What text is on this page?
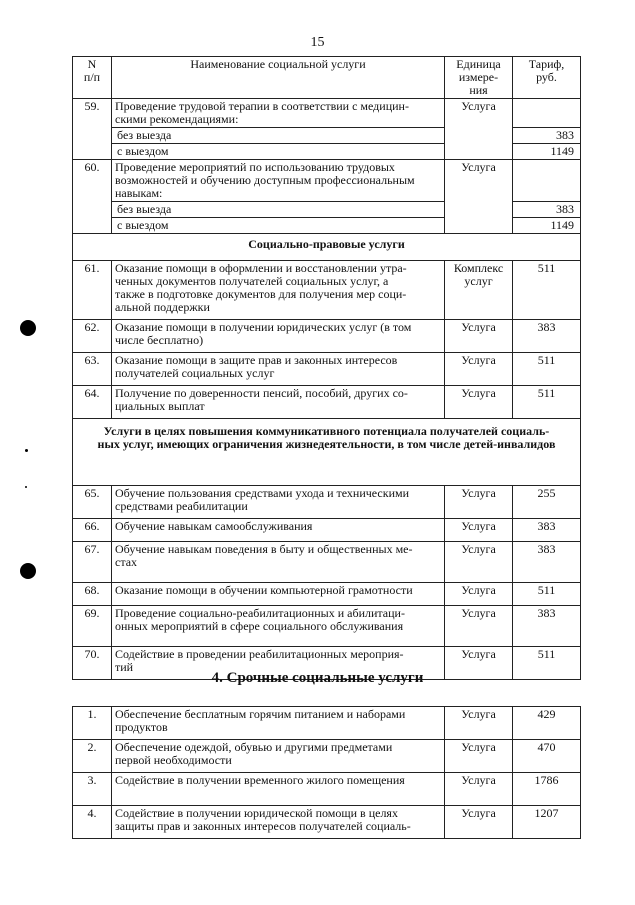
15
N
п/п	Наименование социальной услуги	Единица
измере-
ния	Тариф,
руб.
59.	Проведение трудовой терапии в соответствии с медицин-
скими рекомендациями:	Услуга	
	без выезда		383
	с выездом		1149
60.	Проведение мероприятий по использованию трудовых
возможностей и обучению доступным профессиональным
навыкам:	Услуга	
	без выезда		383
	с выездом		1149
Социально-правовые услуги			
61.	Оказание помощи в оформлении и восстановлении утра-
ченных документов получателей социальных услуг, а
также в подготовке документов для получения мер соци-
альной поддержки	Комплекс
услуг	511
62.	Оказание помощи в получении юридических услуг (в том
числе бесплатно)	Услуга	383
63.	Оказание помощи в защите прав и законных интересов
получателей социальных услуг	Услуга	511
64.	Получение по доверенности пенсий, пособий, других со-
циальных выплат	Услуга	511
Услуги в целях повышения коммуникативного потенциала получателей социаль-
ных услуг, имеющих ограничения жизнедеятельности, в том числе детей-инвалидов			
65.	Обучение пользования средствами ухода и техническими
средствами реабилитации	Услуга	255
66.	Обучение навыкам самообслуживания	Услуга	383
67.	Обучение навыкам поведения в быту и общественных ме-
стах	Услуга	383
68.	Оказание помощи в обучении компьютерной грамотности	Услуга	511
69.	Проведение социально-реабилитационных и абилитаци-
онных мероприятий в сфере социального обслуживания	Услуга	383
70.	Содействие в проведении реабилитационных мероприя-
тий	Услуга	511
4. Срочные социальные услуги
1.	Обеспечение бесплатным горячим питанием и наборами
продуктов	Услуга	429
2.	Обеспечение одеждой, обувью и другими предметами
первой необходимости	Услуга	470
3.	Содействие в получении временного жилого помещения	Услуга	1786
4.	Содействие в получении юридической помощи в целях
защиты прав и законных интересов получателей социаль-	Услуга	1207
